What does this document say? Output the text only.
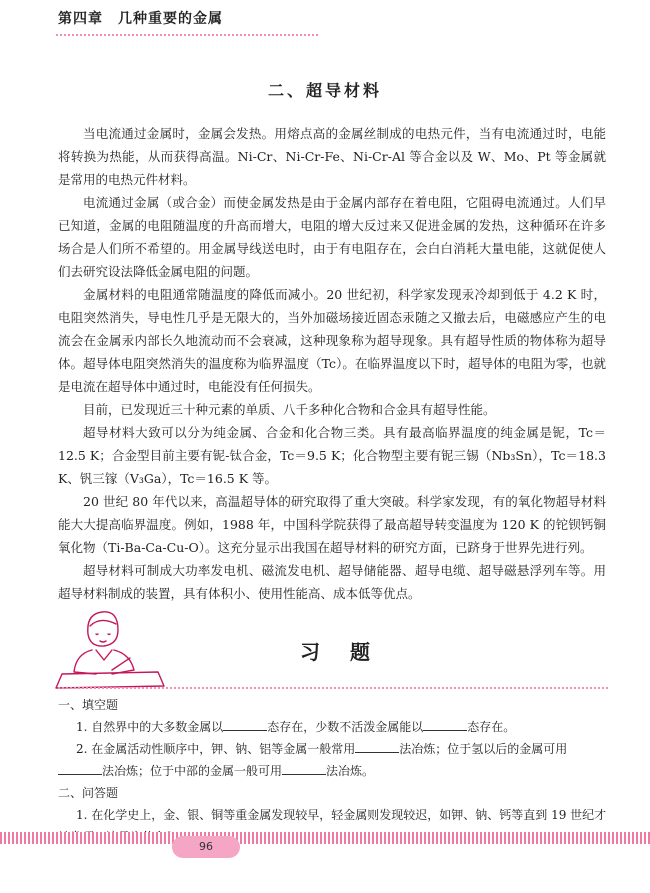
第四章　几种重要的金属
二、超导材料

当电流通过金属时，金属会发热。用熔点高的金属丝制成的电热元件，当有电流通过时，电能将转换为热能，从而获得高温。Ni-Cr、Ni-Cr-Fe、Ni-Cr-Al 等合金以及 W、Mo、Pt 等金属就是常用的电热元件材料。

电流通过金属（或合金）而使金属发热是由于金属内部存在着电阻，它阻碍电流通过。人们早已知道，金属的电阻随温度的升高而增大，电阻的增大反过来又促进金属的发热，这种循环在许多场合是人们所不希望的。用金属导线送电时，由于有电阻存在，会白白消耗大量电能，这就促使人们去研究设法降低金属电阻的问题。

金属材料的电阻通常随温度的降低而减小。20 世纪初，科学家发现汞冷却到低于 4.2 K 时，电阻突然消失，导电性几乎是无限大的，当外加磁场接近固态汞随之又撤去后，电磁感应产生的电流会在金属汞内部长久地流动而不会衰减，这种现象称为超导现象。具有超导性质的物体称为超导体。超导体电阻突然消失的温度称为临界温度（Tc）。在临界温度以下时，超导体的电阻为零，也就是电流在超导体中通过时，电能没有任何损失。

目前，已发现近三十种元素的单质、八千多种化合物和合金具有超导性能。

超导材料大致可以分为纯金属、合金和化合物三类。具有最高临界温度的纯金属是铌，Tc＝12.5 K；合金型目前主要有铌-钛合金，Tc＝9.5 K；化合物型主要有铌三锡（Nb₃Sn），Tc＝18.3 K、钒三镓（V₃Ga），Tc＝16.5 K 等。

20 世纪 80 年代以来，高温超导体的研究取得了重大突破。科学家发现，有的氧化物超导材料能大大提高临界温度。例如，1988 年，中国科学院获得了最高超导转变温度为 120 K 的铊钡钙铜氧化物（Ti-Ba-Ca-Cu-O）。这充分显示出我国在超导材料的研究方面，已跻身于世界先进行列。

超导材料可制成大功率发电机、磁流发电机、超导储能器、超导电缆、超导磁悬浮列车等。用超导材料制成的装置，具有体积小、使用性能高、成本低等优点。

习题

一、填空题

1. 自然界中的大多数金属以	态存在，少数不活泼金属能以	态存在。

2. 在金属活动性顺序中，钾、钠、铝等金属一般常用	法冶炼；位于氢以后的金属可用法冶炼；位于中部的金属一般可用	法冶炼。

二、问答题

1. 在化学史上，金、银、铜等重金属发现较早，轻金属则发现较迟，如钾、钠、钙等直到 19 世纪才

96
